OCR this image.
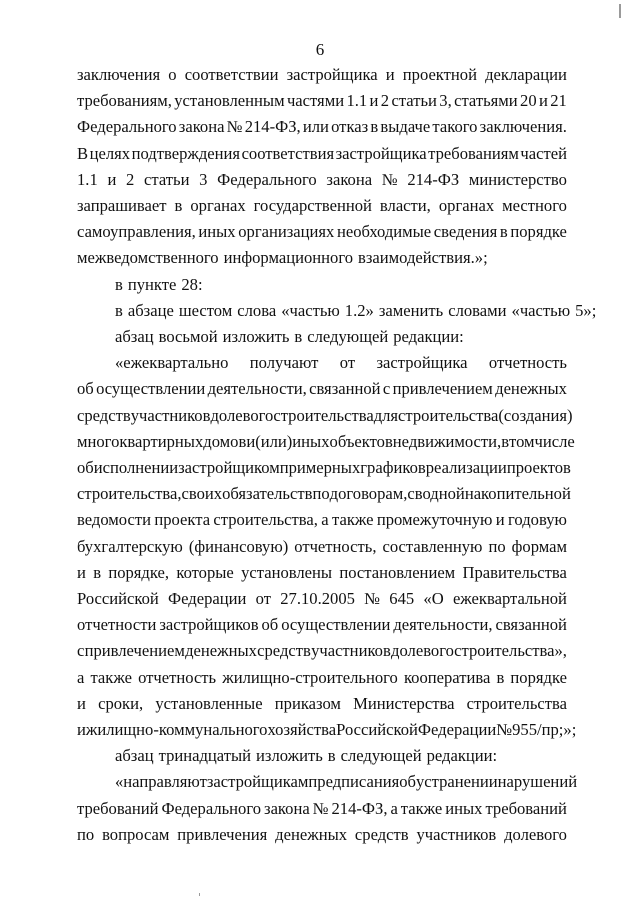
6
заключения о соответствии застройщика и проектной декларации
требованиям, установленным частями 1.1 и 2 статьи 3, статьями 20 и 21
Федерального закона № 214-ФЗ, или отказ в выдаче такого заключения.
В целях подтверждения соответствия застройщика требованиям частей
1.1 и 2 статьи 3 Федерального закона № 214-ФЗ министерство
запрашивает в органах государственной власти, органах местного
самоуправления, иных организациях необходимые сведения в порядке
межведомственного информационного взаимодействия.»;
в пункте 28:
в абзаце шестом слова «частью 1.2» заменить словами «частью 5»;
абзац восьмой изложить в следующей редакции:
«ежеквартально получают от застройщика отчетность
об осуществлении деятельности, связанной с привлечением денежных
средств участников долевого строительства для строительства (создания)
многоквартирных домов и (или) иных объектов недвижимости, в том числе
об исполнении застройщиком примерных графиков реализации проектов
строительства, своих обязательств по договорам, сводной накопительной
ведомости проекта строительства, а также промежуточную и годовую
бухгалтерскую (финансовую) отчетность, составленную по формам
и в порядке, которые установлены постановлением Правительства
Российской Федерации от 27.10.2005 № 645 «О ежеквартальной
отчетности застройщиков об осуществлении деятельности, связанной
с привлечением денежных средств участников долевого строительства»,
а также отчетность жилищно-строительного кооператива в порядке
и сроки, установленные приказом Министерства строительства
и жилищно-коммунального хозяйства Российской Федерации № 955/пр;»;
абзац тринадцатый изложить в следующей редакции:
«направляют застройщикам предписания об устранении нарушений
требований Федерального закона № 214-ФЗ, а также иных требований
по вопросам привлечения денежных средств участников долевого
